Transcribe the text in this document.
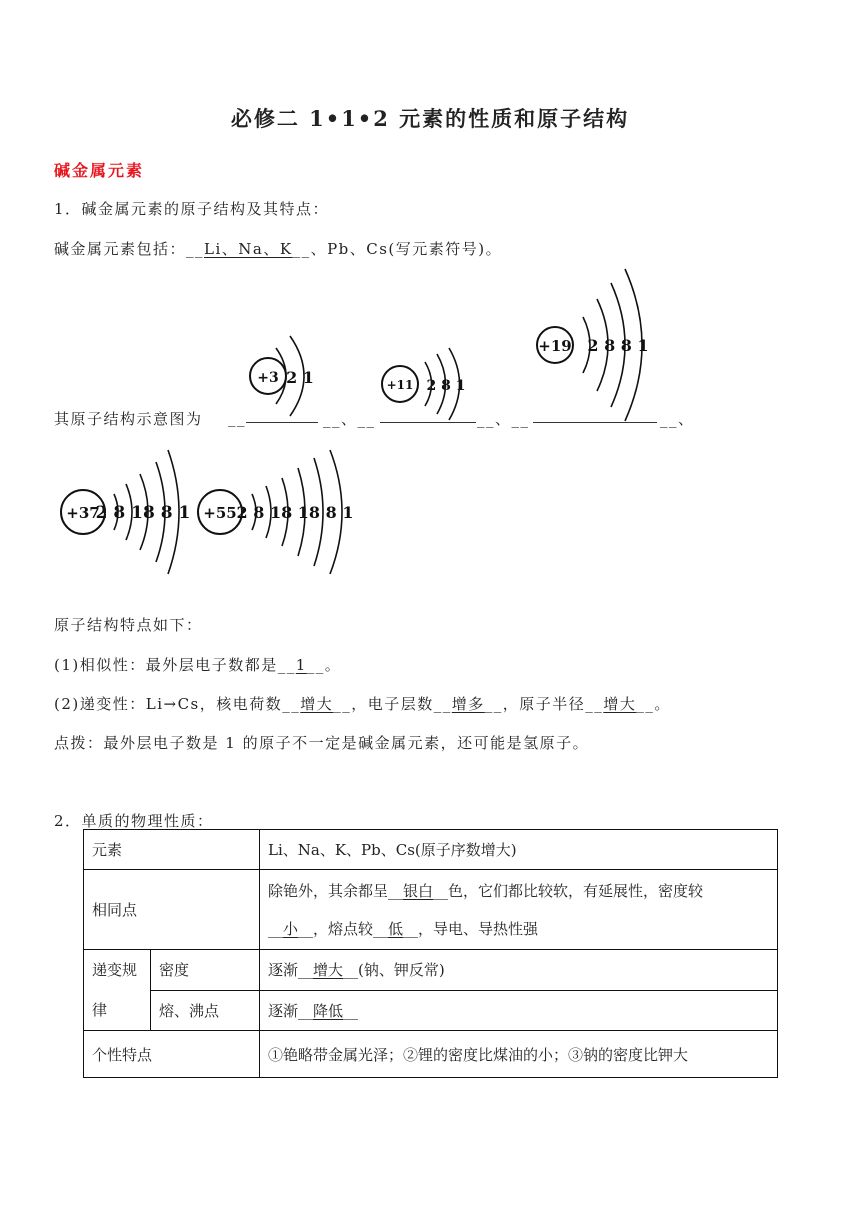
必修二 1•1•2 元素的性质和原子结构
碱金属元素
1．碱金属元素的原子结构及其特点：
碱金属元素包括：__Li、Na、K__、Pb、Cs(写元素符号)。
+3 2 1	+11 2 8 1
+19 2 8 8 1
其原子结构示意图为	__	__、__	__、__	__、
+37
2 8 18 8 1 +55 2 8 18 18 8 1
原子结构特点如下：
(1)相似性：最外层电子数都是__1__。
(2)递变性：Li→Cs，核电荷数__增大__，电子层数__增多__，原子半径__增大__。
点拨：最外层电子数是 1 的原子不一定是碱金属元素，还可能是氢原子。
2．单质的物理性质：
元素		Li、Na、K、Pb、Cs(原子序数增大)
相同点		除铯外，其余都呈__银白__色，它们都比较软，有延展性，密度较
__小__，熔点较__低__，导电、导热性强
递变规
律	密度	逐渐__增大__(钠、钾反常)
	熔、沸点	逐渐__降低__
个性特点		①铯略带金属光泽；②锂的密度比煤油的小；③钠的密度比钾大
